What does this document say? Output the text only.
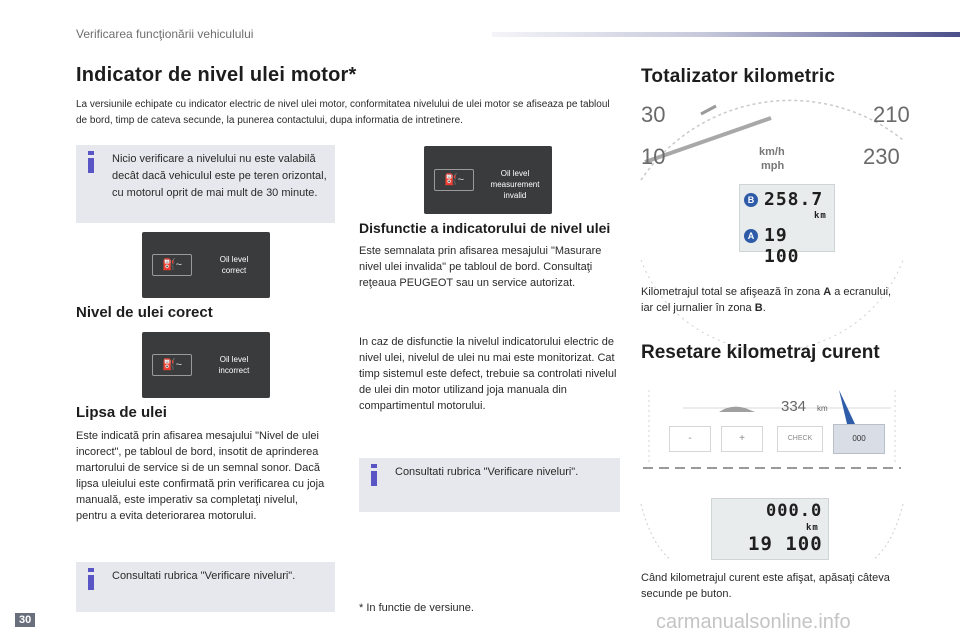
Verificarea funcţionării vehiculului
Indicator de nivel ulei motor*
La versiunile echipate cu indicator electric de nivel ulei motor, conformitatea nivelului de ulei motor se afiseaza pe tabloul de bord, timp de cateva secunde, la punerea contactului, dupa informatia de intretinere.
Nicio verificare a nivelului nu este valabilă decât dacă vehiculul este pe teren orizontal, cu motorul oprit de mai mult de 30 minute.
⛽~	Oil level
correct
Nivel de ulei corect
⛽~	Oil level
incorrect
Lipsa de ulei
Este indicată prin afisarea mesajului "Nivel de ulei incorect", pe tabloul de bord, insotit de aprinderea martorului de service si de un semnal sonor. Dacă lipsa uleiului este confirmată prin verificarea cu joja manuală, este imperativ sa completaţi nivelul, pentru a evita deteriorarea motorului.
Consultati rubrica "Verificare niveluri".
⛽~
Oil level
measurement invalid
Disfunctie a indicatorului de nivel ulei
Este semnalata prin afisarea mesajului "Masurare nivel ulei invalida" pe tabloul de bord. Consultaţi reţeaua PEUGEOT sau un service autorizat.
In caz de disfunctie la nivelul indicatorului electric de nivel ulei, nivelul de ulei nu mai este monitorizat. Cat timp sistemul este defect, trebuie sa controlati nivelul de ulei din motor utilizand joja manuala din compartimentul motorului.
Consultati rubrica "Verificare niveluri".
* In functie de versiune.
Totalizator kilometric
30	210
10	230
km/h
mph
B 258.7
km
A 19 100
Kilometrajul total se afişează în zona A a ecranului, iar cel jurnalier în zona B.
Resetare kilometraj curent
334 km
-	+	CHECK	000
000.0
km
19 100
Când kilometrajul curent este afişat, apăsaţi câteva secunde pe buton.
30	carmanualsonline.info
